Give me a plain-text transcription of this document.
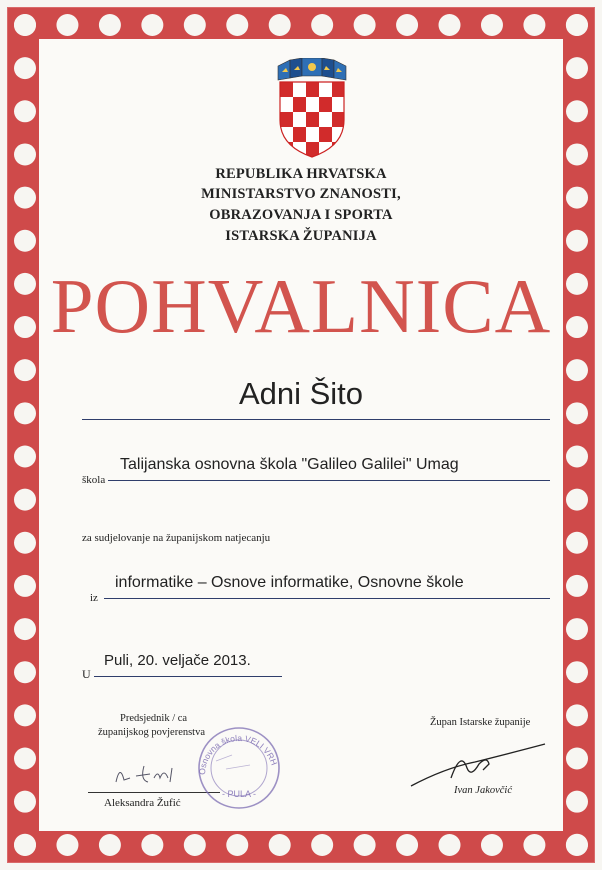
REPUBLIKA HRVATSKA
MINISTARSTVO ZNANOSTI,
OBRAZOVANJA I SPORTA
ISTARSKA ŽUPANIJA
POHVALNICA
Adni Šito
škola
Talijanska osnovna škola "Galileo Galilei" Umag
za sudjelovanje na županijskom natjecanju
iz
informatike – Osnove informatike, Osnovne škole
U
Puli, 20. veljače 2013.
Predsjednik / ca
županijskog povjerenstva
Aleksandra Žufić
Osnovna škola VELI VRH
- PULA -
Župan Istarske županije
Ivan Jakovčić
